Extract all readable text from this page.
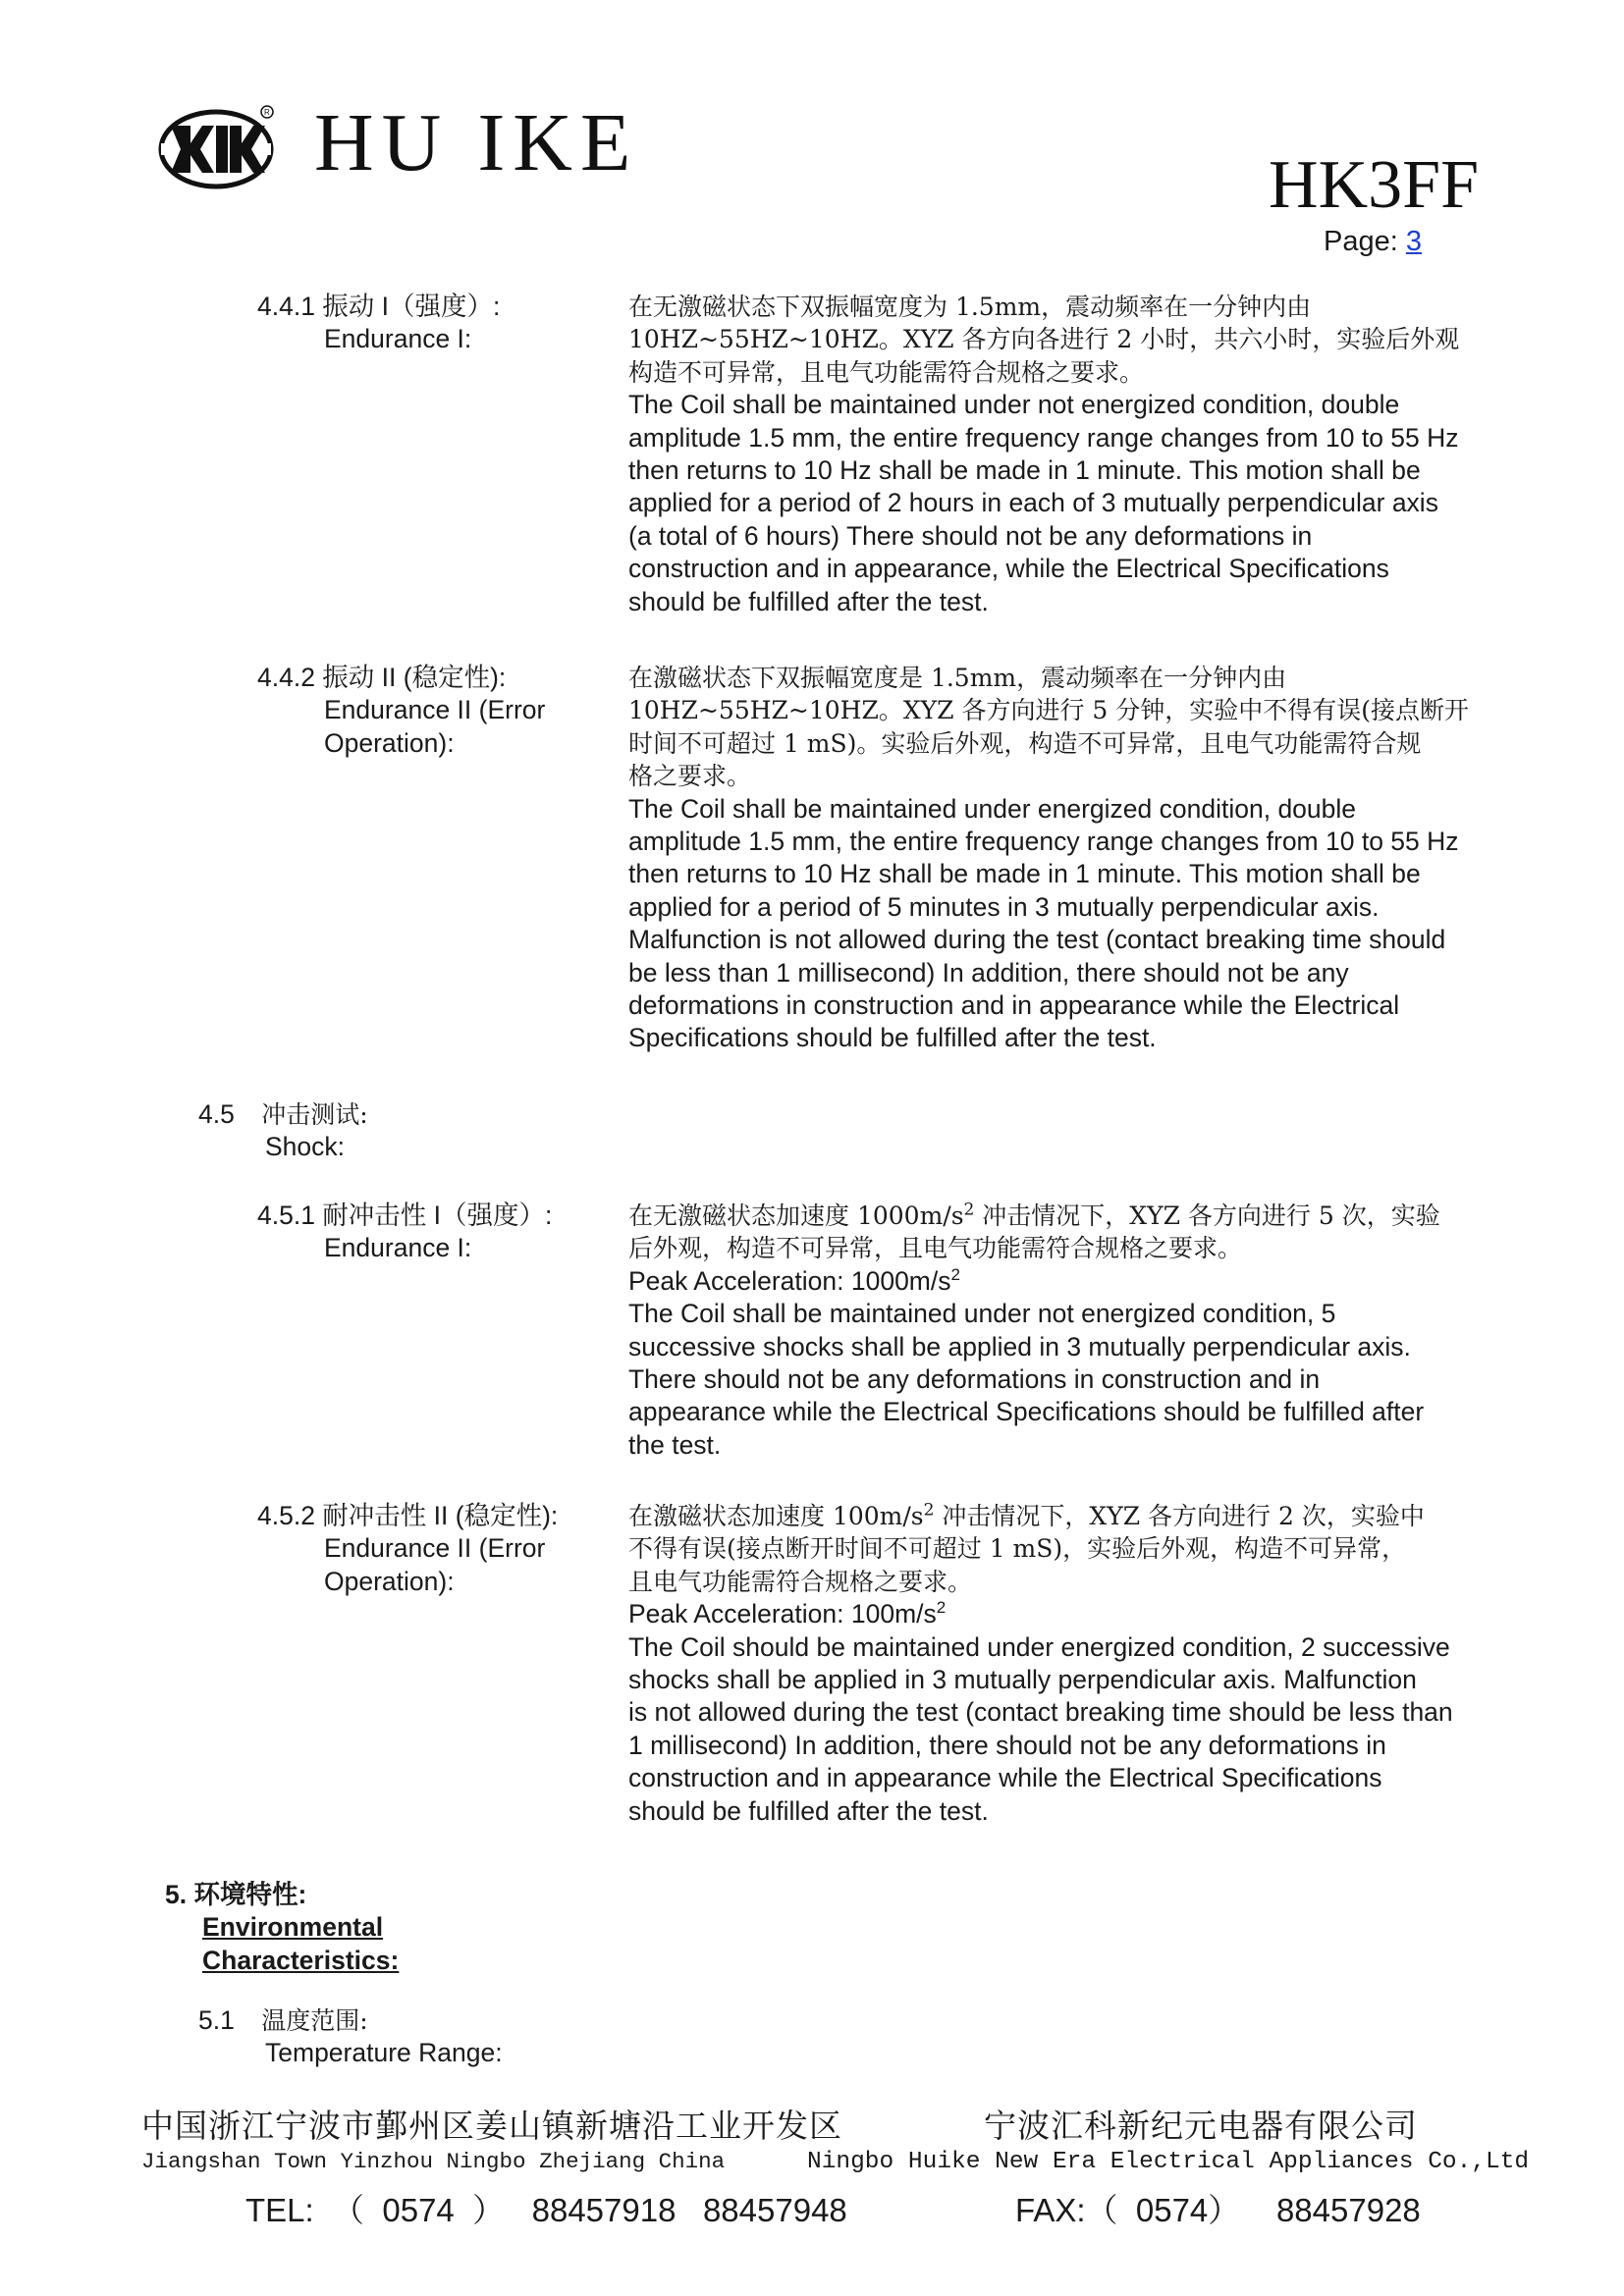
R HU IKE	HK3FF
Page: 3
4.4.1 振动 I（强度）:
Endurance I:

在无激磁状态下双振幅宽度为 1.5mm，震动频率在一分钟内由

10HZ~55HZ~10HZ。XYZ 各方向各进行 2 小时，共六小时，实验后外观

构造不可异常，且电气功能需符合规格之要求。

The Coil shall be maintained under not energized condition, double

amplitude 1.5 mm, the entire frequency range changes from 10 to 55 Hz

then returns to 10 Hz shall be made in 1 minute. This motion shall be

applied for a period of 2 hours in each of 3 mutually perpendicular axis

(a total of 6 hours) There should not be any deformations in

construction and in appearance, while the Electrical Specifications

should be fulfilled after the test.

4.4.2 振动 II (稳定性):
Endurance II (Error
Operation):

在激磁状态下双振幅宽度是 1.5mm，震动频率在一分钟内由

10HZ~55HZ~10HZ。XYZ 各方向进行 5 分钟，实验中不得有误(接点断开

时间不可超过 1 mS)。实验后外观，构造不可异常，且电气功能需符合规

格之要求。

The Coil shall be maintained under energized condition, double

amplitude 1.5 mm, the entire frequency range changes from 10 to 55 Hz

then returns to 10 Hz shall be made in 1 minute. This motion shall be

applied for a period of 5 minutes in 3 mutually perpendicular axis.

Malfunction is not allowed during the test (contact breaking time should

be less than 1 millisecond) In addition, there should not be any

deformations in construction and in appearance while the Electrical

Specifications should be fulfilled after the test.

4.5 冲击测试:
Shock:
4.5.1 耐冲击性 I（强度）:
Endurance I:

在无激磁状态加速度 $1000m/s^2$ 冲击情况下，XYZ 各方向进行 5 次，实验

后外观，构造不可异常，且电气功能需符合规格之要求。

Peak Acceleration: $1000m/s^2$

The Coil shall be maintained under not energized condition, 5

successive shocks shall be applied in 3 mutually perpendicular axis.

There should not be any deformations in construction and in

appearance while the Electrical Specifications should be fulfilled after

the test.

4.5.2 耐冲击性 II (稳定性):
Endurance II (Error
Operation):

在激磁状态加速度 $100m/s^2$ 冲击情况下，XYZ 各方向进行 2 次，实验中

不得有误(接点断开时间不可超过 1 mS)，实验后外观，构造不可异常，

且电气功能需符合规格之要求。

Peak Acceleration: $100m/s^2$

The Coil should be maintained under energized condition, 2 successive

shocks shall be applied in 3 mutually perpendicular axis. Malfunction

is not allowed during the test (contact breaking time should be less than

1 millisecond) In addition, there should not be any deformations in

construction and in appearance while the Electrical Specifications

should be fulfilled after the test.

5. 环境特性:
Environmental
Characteristics:
5.1 温度范围:
Temperature Range:
中国浙江宁波市鄞州区姜山镇新塘沿工业开发区	宁波汇科新纪元电器有限公司
Jiangshan Town Yinzhou Ningbo Zhejiang China	Ningbo Huike New Era Electrical Appliances Co.,Ltd
TEL:  （  0574  ）   88457918   88457948	FAX:（  0574）    88457928
